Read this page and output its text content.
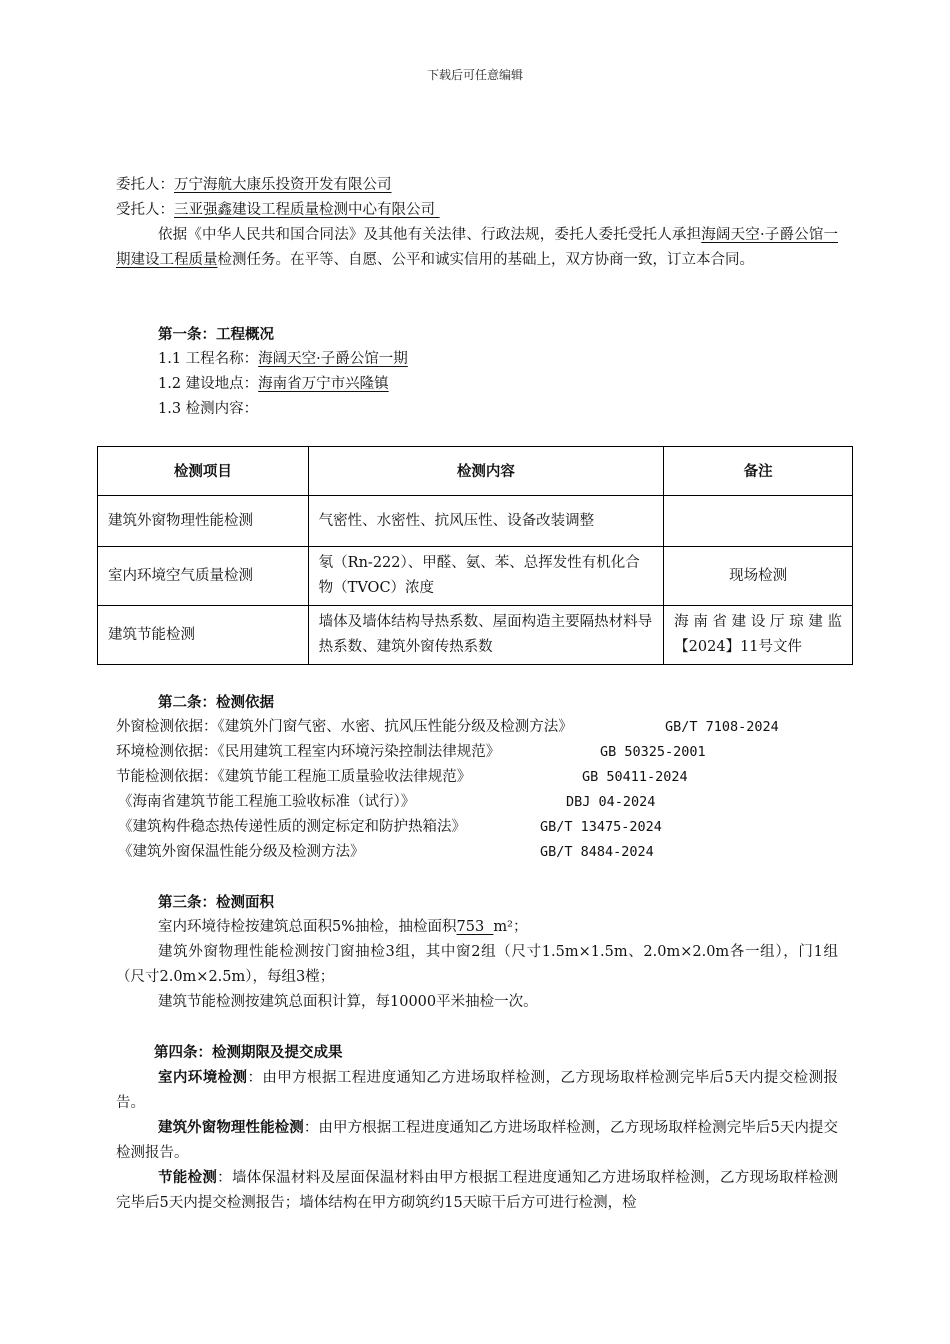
下载后可任意编辑
委托人：万宁海航大康乐投资开发有限公司
受托人：三亚强鑫建设工程质量检测中心有限公司
依据《中华人民共和国合同法》及其他有关法律、行政法规，委托人委托受托人承担海阔天空·子爵公馆一期建设工程质量检测任务。在平等、自愿、公平和诚实信用的基础上，双方协商一致，订立本合同。
第一条：工程概况
1.1 工程名称：海阔天空·子爵公馆一期
1.2 建设地点：海南省万宁市兴隆镇
1.3 检测内容：
检测项目	检测内容	备注
建筑外窗物理性能检测	气密性、水密性、抗风压性、设备改装调整	
室内环境空气质量检测	氡（Rn-222）、甲醛、氨、苯、总挥发性有机化合物（TVOC）浓度	现场检测
建筑节能检测	墙体及墙体结构导热系数、屋面构造主要隔热材料导热系数、建筑外窗传热系数	海南省建设厅琼建监【2024】11号文件
第二条：检测依据
外窗检测依据：《建筑外门窗气密、水密、抗风压性能分级及检测方法》	GB/T 7108-2024
环境检测依据：《民用建筑工程室内环境污染控制法律规范》	GB 50325-2001
节能检测依据：《建筑节能工程施工质量验收法律规范》	GB 50411-2024
《海南省建筑节能工程施工验收标准（试行）》	DBJ 04-2024
《建筑构件稳态热传递性质的测定标定和防护热箱法》	GB/T 13475-2024
《建筑外窗保温性能分级及检测方法》	GB/T 8484-2024
第三条：检测面积
室内环境待检按建筑总面积5%抽检，抽检面积753  m²；
建筑外窗物理性能检测按门窗抽检3组，其中窗2组（尺寸1.5m×1.5m、2.0m×2.0m各一组），门1组（尺寸2.0m×2.5m），每组3樘；
建筑节能检测按建筑总面积计算，每10000平米抽检一次。
第四条：检测期限及提交成果
室内环境检测：由甲方根据工程进度通知乙方进场取样检测，乙方现场取样检测完毕后5天内提交检测报告。
建筑外窗物理性能检测：由甲方根据工程进度通知乙方进场取样检测，乙方现场取样检测完毕后5天内提交检测报告。
节能检测：墙体保温材料及屋面保温材料由甲方根据工程进度通知乙方进场取样检测，乙方现场取样检测完毕后5天内提交检测报告；墙体结构在甲方砌筑约15天晾干后方可进行检测，检
